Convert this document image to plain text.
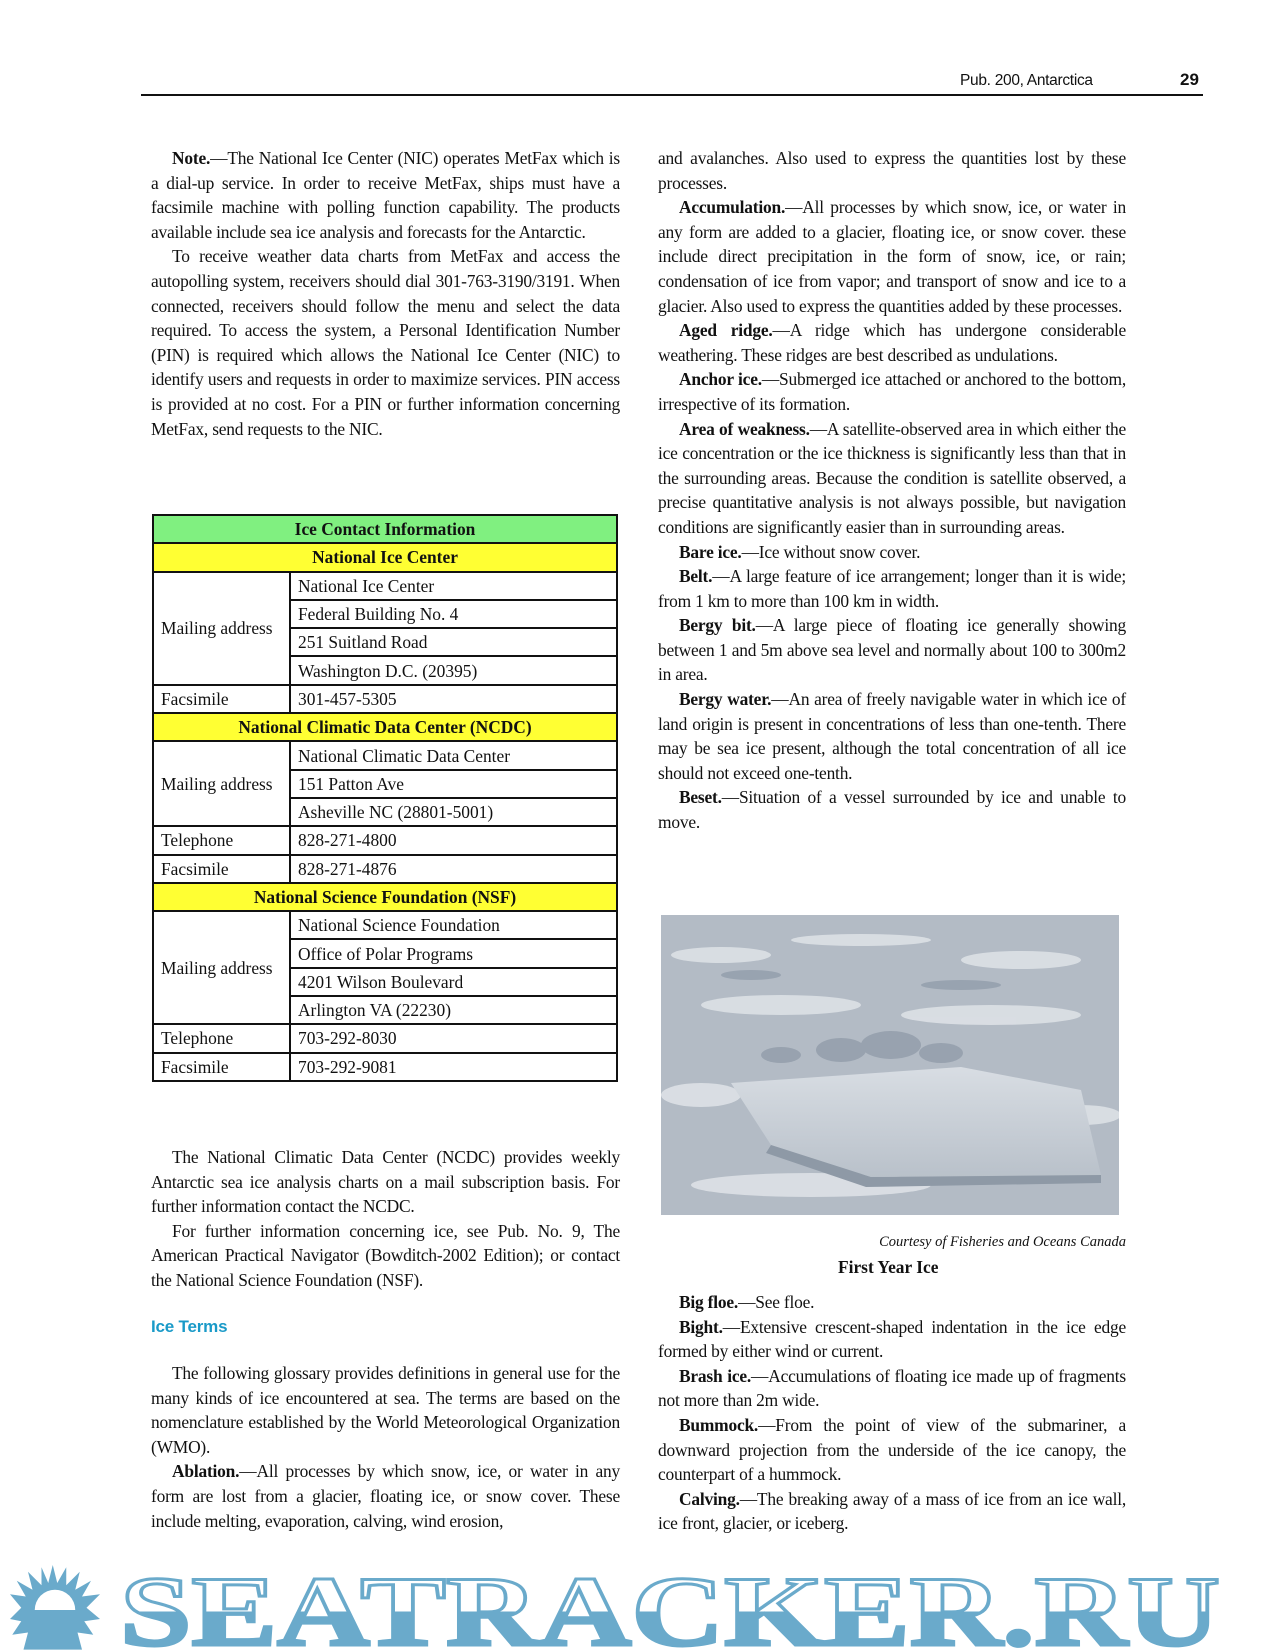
Pub. 200, Antarctica	29

Note.—The National Ice Center (NIC) operates MetFax which is a dial-up service. In order to receive MetFax, ships must have a facsimile machine with polling function capability. The products available include sea ice analysis and forecasts for the Antarctic.

To receive weather data charts from MetFax and access the autopolling system, receivers should dial 301-763-3190/3191. When connected, receivers should follow the menu and select the data required. To access the system, a Personal Identification Number (PIN) is required which allows the National Ice Center (NIC) to identify users and requests in order to maximize services. PIN access is provided at no cost. For a PIN or further information concerning MetFax, send requests to the NIC.

Ice Contact Information	
National Ice Center	
Mailing address	National Ice Center
	Federal Building No. 4
	251 Suitland Road
	Washington D.C. (20395)
Facsimile	301-457-5305
National Climatic Data Center (NCDC)	
Mailing address	National Climatic Data Center
	151 Patton Ave
	Asheville NC (28801-5001)
Telephone	828-271-4800
Facsimile	828-271-4876
National Science Foundation (NSF)	
Mailing address	National Science Foundation
	Office of Polar Programs
	4201 Wilson Boulevard
	Arlington VA (22230)
Telephone	703-292-8030
Facsimile	703-292-9081

The National Climatic Data Center (NCDC) provides weekly Antarctic sea ice analysis charts on a mail subscription basis. For further information contact the NCDC.

For further information concerning ice, see Pub. No. 9, The American Practical Navigator (Bowditch-2002 Edition); or contact the National Science Foundation (NSF).

Ice Terms

The following glossary provides definitions in general use for the many kinds of ice encountered at sea. The terms are based on the nomenclature established by the World Meteorological Organization (WMO).

Ablation.—All processes by which snow, ice, or water in any form are lost from a glacier, floating ice, or snow cover. These include melting, evaporation, calving, wind erosion,

and avalanches. Also used to express the quantities lost by these processes.

Accumulation.—All processes by which snow, ice, or water in any form are added to a glacier, floating ice, or snow cover. these include direct precipitation in the form of snow, ice, or rain; condensation of ice from vapor; and transport of snow and ice to a glacier. Also used to express the quantities added by these processes.

Aged ridge.—A ridge which has undergone considerable weathering. These ridges are best described as undulations.

Anchor ice.—Submerged ice attached or anchored to the bottom, irrespective of its formation.

Area of weakness.—A satellite-observed area in which either the ice concentration or the ice thickness is significantly less than that in the surrounding areas. Because the condition is satellite observed, a precise quantitative analysis is not always possible, but navigation conditions are significantly easier than in surrounding areas.

Bare ice.—Ice without snow cover.

Belt.—A large feature of ice arrangement; longer than it is wide; from 1 km to more than 100 km in width.

Bergy bit.—A large piece of floating ice generally showing between 1 and 5m above sea level and normally about 100 to 300m2 in area.

Bergy water.—An area of freely navigable water in which ice of land origin is present in concentrations of less than one-tenth. There may be sea ice present, although the total concentration of all ice should not exceed one-tenth.

Beset.—Situation of a vessel surrounded by ice and unable to move.

Courtesy of Fisheries and Oceans Canada
First Year Ice

Big floe.—See floe.

Bight.—Extensive crescent-shaped indentation in the ice edge formed by either wind or current.

Brash ice.—Accumulations of floating ice made up of fragments not more than 2m wide.

Bummock.—From the point of view of the submariner, a downward projection from the underside of the ice canopy, the counterpart of a hummock.

Calving.—The breaking away of a mass of ice from an ice wall, ice front, glacier, or iceberg.

SEATRACKER.RU
